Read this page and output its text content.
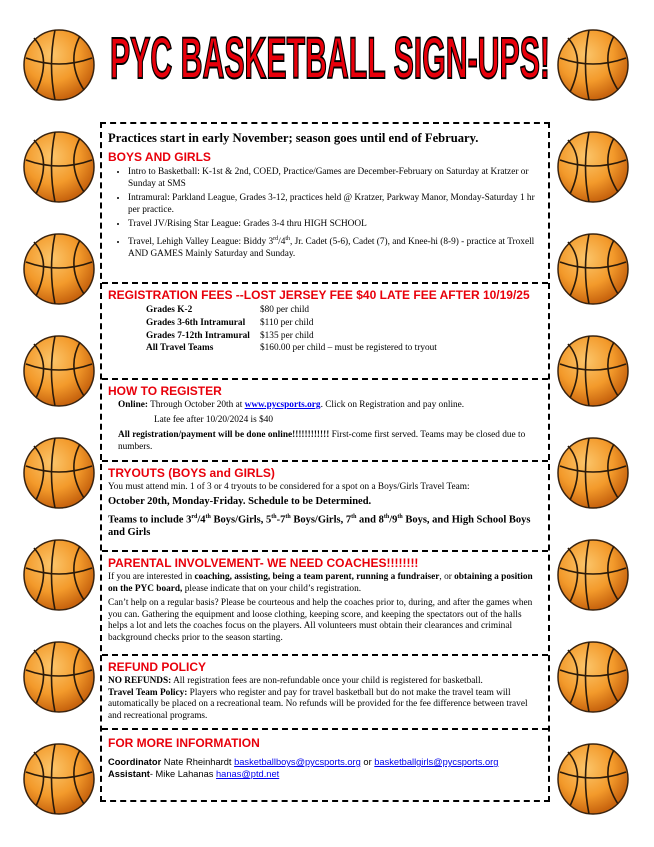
PYC BASKETBALL SIGN-UPS!
Practices start in early November; season goes until end of February.
BOYS AND GIRLS
• Intro to Basketball: K-1st & 2nd, COED, Practice/Games are December-February on Saturday at Kratzer or Sunday at SMS
• Intramural: Parkland League, Grades 3-12, practices held @ Kratzer, Parkway Manor, Monday-Saturday 1 hr per practice.
• Travel JV/Rising Star League: Grades 3-4 thru HIGH SCHOOL
• Travel, Lehigh Valley League: Biddy 3rd/4th, Jr. Cadet (5-6), Cadet (7), and Knee-hi (8-9) - practice at Troxell AND GAMES Mainly Saturday and Sunday.
REGISTRATION FEES --LOST JERSEY FEE $40 LATE FEE AFTER 10/19/25
Grades K-2	$80 per child
Grades 3-6th Intramural	$110 per child
Grades 7-12th Intramural	$135 per child
All Travel Teams	$160.00 per child – must be registered to tryout
HOW TO REGISTER
Online: Through October 20th at www.pycsports.org. Click on Registration and pay online.
Late fee after 10/20/2024 is $40
All registration/payment will be done online!!!!!!!!!!!! First-come first served. Teams may be closed due to numbers.
TRYOUTS (BOYS and GIRLS)
You must attend min. 1 of 3 or 4 tryouts to be considered for a spot on a Boys/Girls Travel Team:
October 20th, Monday-Friday. Schedule to be Determined.
Teams to include 3rd/4th Boys/Girls, 5th-7th Boys/Girls, 7th and 8th/9th Boys, and High School Boys and Girls
PARENTAL INVOLVEMENT- WE NEED COACHES!!!!!!!!
If you are interested in coaching, assisting, being a team parent, running a fundraiser, or obtaining a position on the PYC board, please indicate that on your child’s registration.
Can’t help on a regular basis? Please be courteous and help the coaches prior to, during, and after the games when you can. Gathering the equipment and loose clothing, keeping score, and keeping the spectators out of the halls helps a lot and lets the coaches focus on the players. All volunteers must obtain their clearances and criminal background checks prior to the season starting.
REFUND POLICY
NO REFUNDS: All registration fees are non-refundable once your child is registered for basketball.
Travel Team Policy: Players who register and pay for travel basketball but do not make the travel team will automatically be placed on a recreational team. No refunds will be provided for the fee difference between travel and recreational programs.
FOR MORE INFORMATION
Coordinator Nate Rheinhardt basketballboys@pycsports.org or basketballgirls@pycsports.org
Assistant- Mike Lahanas hanas@ptd.net
